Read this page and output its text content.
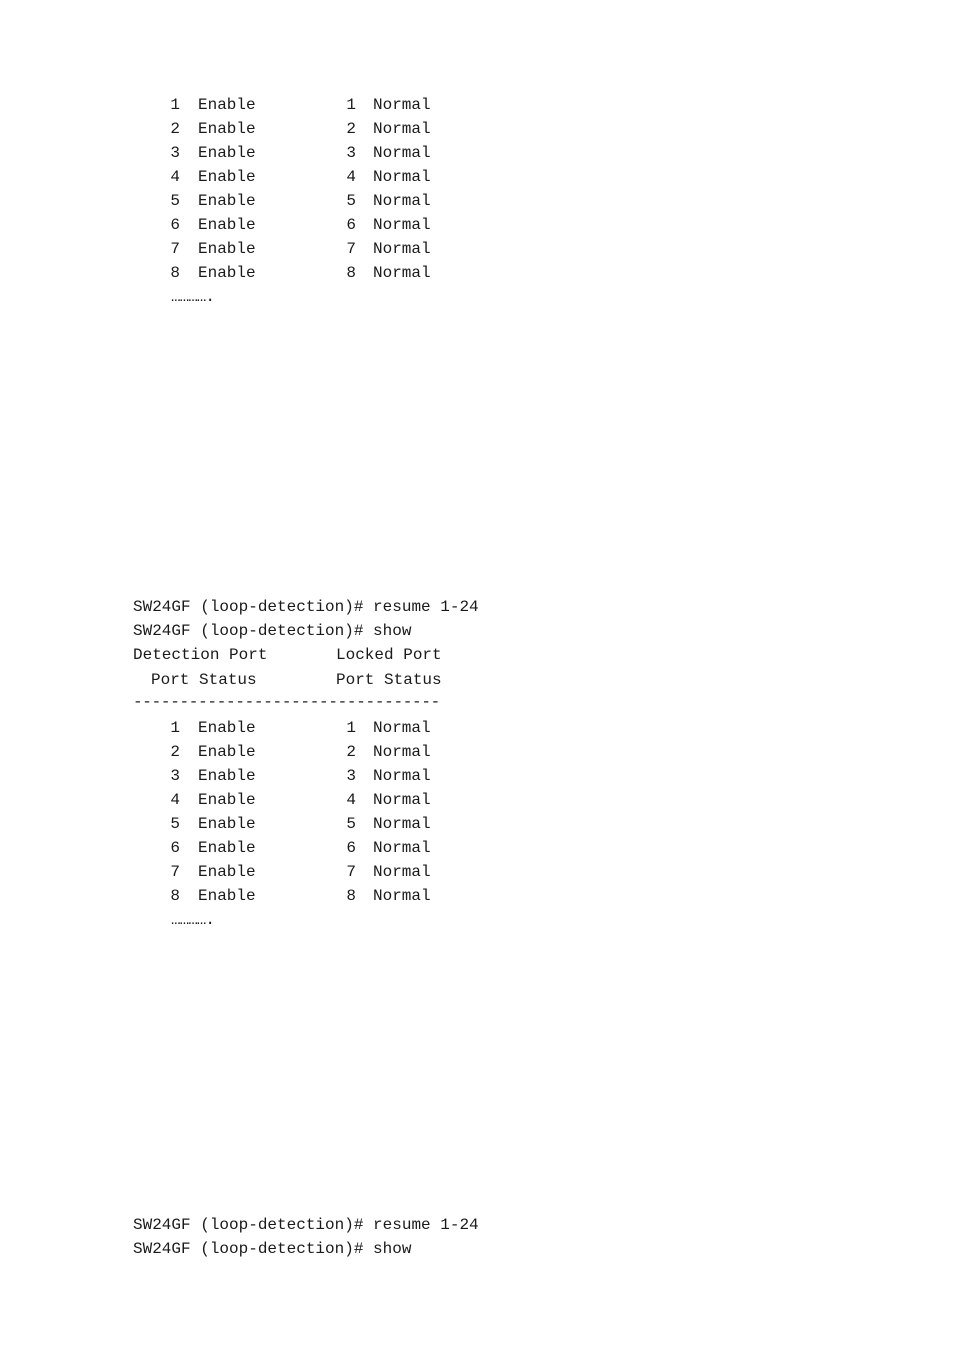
1 Enable	1 Normal
2 Enable	2 Normal
3 Enable	3 Normal
4 Enable	4 Normal
5 Enable	5 Normal
6 Enable	6 Normal
7 Enable	7 Normal
8 Enable	8 Normal
………….
SW24GF (loop-detection)# resume 1-24
SW24GF (loop-detection)# show
Detection Port	Locked Port
Port Status	Port Status
---------------------------------
1 Enable	1 Normal
2 Enable	2 Normal
3 Enable	3 Normal
4 Enable	4 Normal
5 Enable	5 Normal
6 Enable	6 Normal
7 Enable	7 Normal
8 Enable	8 Normal
………….
SW24GF (loop-detection)# resume 1-24
SW24GF (loop-detection)# show
